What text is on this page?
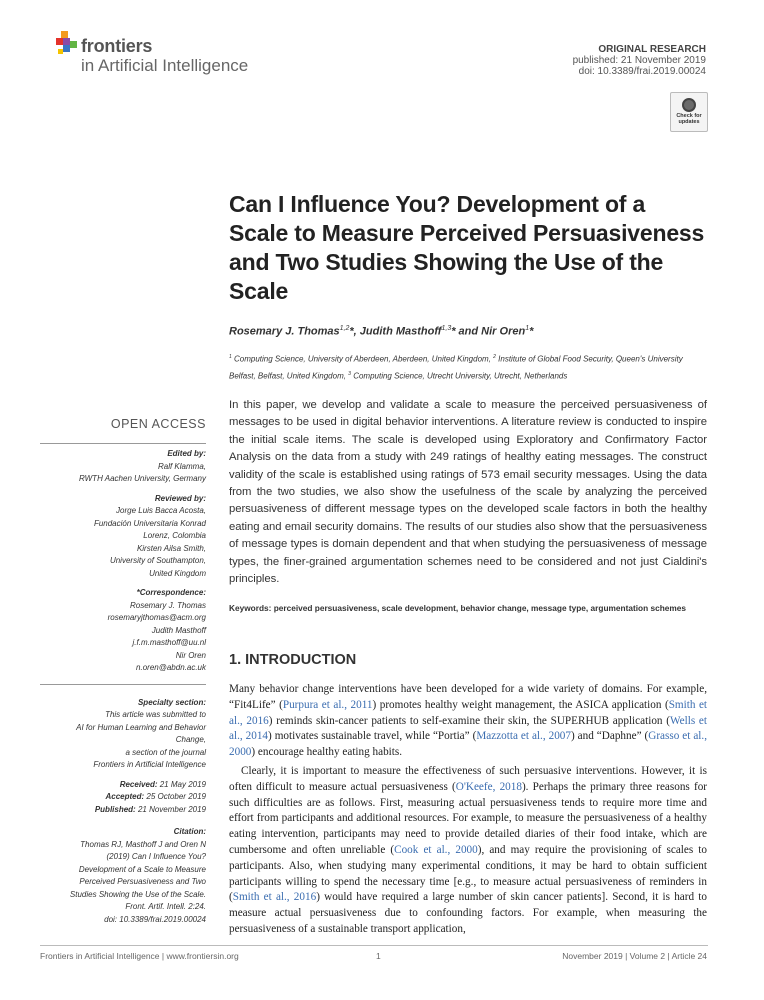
frontiers
in Artificial Intelligence
ORIGINAL RESEARCH
published: 21 November 2019
doi: 10.3389/frai.2019.00024
Check for updates
Can I Influence You? Development of a Scale to Measure Perceived Persuasiveness and Two Studies Showing the Use of the Scale
Rosemary J. Thomas$^{1,2}$*, Judith Masthoff$^{1,3}$* and Nir Oren$^1$*
$^1$ Computing Science, University of Aberdeen, Aberdeen, United Kingdom, $^2$ Institute of Global Food Security, Queen's University Belfast, Belfast, United Kingdom, $^3$ Computing Science, Utrecht University, Utrecht, Netherlands
OPEN ACCESS
Edited by:
Ralf Klamma,
RWTH Aachen University, Germany
Reviewed by:
Jorge Luis Bacca Acosta,
Fundación Universitaria Konrad
Lorenz, Colombia
Kirsten Ailsa Smith,
University of Southampton,
United Kingdom
*Correspondence:
Rosemary J. Thomas
rosemaryjthomas@acm.org
Judith Masthoff
j.f.m.masthoff@uu.nl
Nir Oren
n.oren@abdn.ac.uk
Specialty section:
This article was submitted to
AI for Human Learning and Behavior
Change,
a section of the journal
Frontiers in Artificial Intelligence
Received: 21 May 2019
Accepted: 25 October 2019
Published: 21 November 2019
Citation:
Thomas RJ, Masthoff J and Oren N
(2019) Can I Influence You?
Development of a Scale to Measure
Perceived Persuasiveness and Two
Studies Showing the Use of the Scale.
Front. Artif. Intell. 2:24.
doi: 10.3389/frai.2019.00024
In this paper, we develop and validate a scale to measure the perceived persuasiveness of messages to be used in digital behavior interventions. A literature review is conducted to inspire the initial scale items. The scale is developed using Exploratory and Confirmatory Factor Analysis on the data from a study with 249 ratings of healthy eating messages. The construct validity of the scale is established using ratings of 573 email security messages. Using the data from the two studies, we also show the usefulness of the scale by analyzing the perceived persuasiveness of different message types on the developed scale factors in both the healthy eating and email security domains. The results of our studies also show that the persuasiveness of message types is domain dependent and that when studying the persuasiveness of message types, the finer-grained argumentation schemes need to be considered and not just Cialdini's principles.
Keywords: perceived persuasiveness, scale development, behavior change, message type, argumentation schemes
1. INTRODUCTION

Many behavior change interventions have been developed for a wide variety of domains. For example, “Fit4Life” (Purpura et al., 2011) promotes healthy weight management, the ASICA application (Smith et al., 2016) reminds skin-cancer patients to self-examine their skin, the SUPERHUB application (Wells et al., 2014) motivates sustainable travel, while “Portia” (Mazzotta et al., 2007) and “Daphne” (Grasso et al., 2000) encourage healthy eating habits.

Clearly, it is important to measure the effectiveness of such persuasive interventions. However, it is often difficult to measure actual persuasiveness (O'Keefe, 2018). Perhaps the primary three reasons for such difficulties are as follows. First, measuring actual persuasiveness tends to require more time and effort from participants and additional resources. For example, to measure the persuasiveness of a healthy eating intervention, participants may need to provide detailed diaries of their food intake, which are cumbersome and often unreliable (Cook et al., 2000), and may require the provisioning of scales to participants. Also, when studying many experimental conditions, it may be hard to obtain sufficient participants willing to spend the necessary time [e.g., to measure actual persuasiveness of reminders in (Smith et al., 2016) would have required a large number of skin cancer patients]. Second, it is hard to measure actual persuasiveness due to confounding factors. For example, when measuring the persuasiveness of a sustainable transport application,

Frontiers in Artificial Intelligence | www.frontiersin.org	1	November 2019 | Volume 2 | Article 24
